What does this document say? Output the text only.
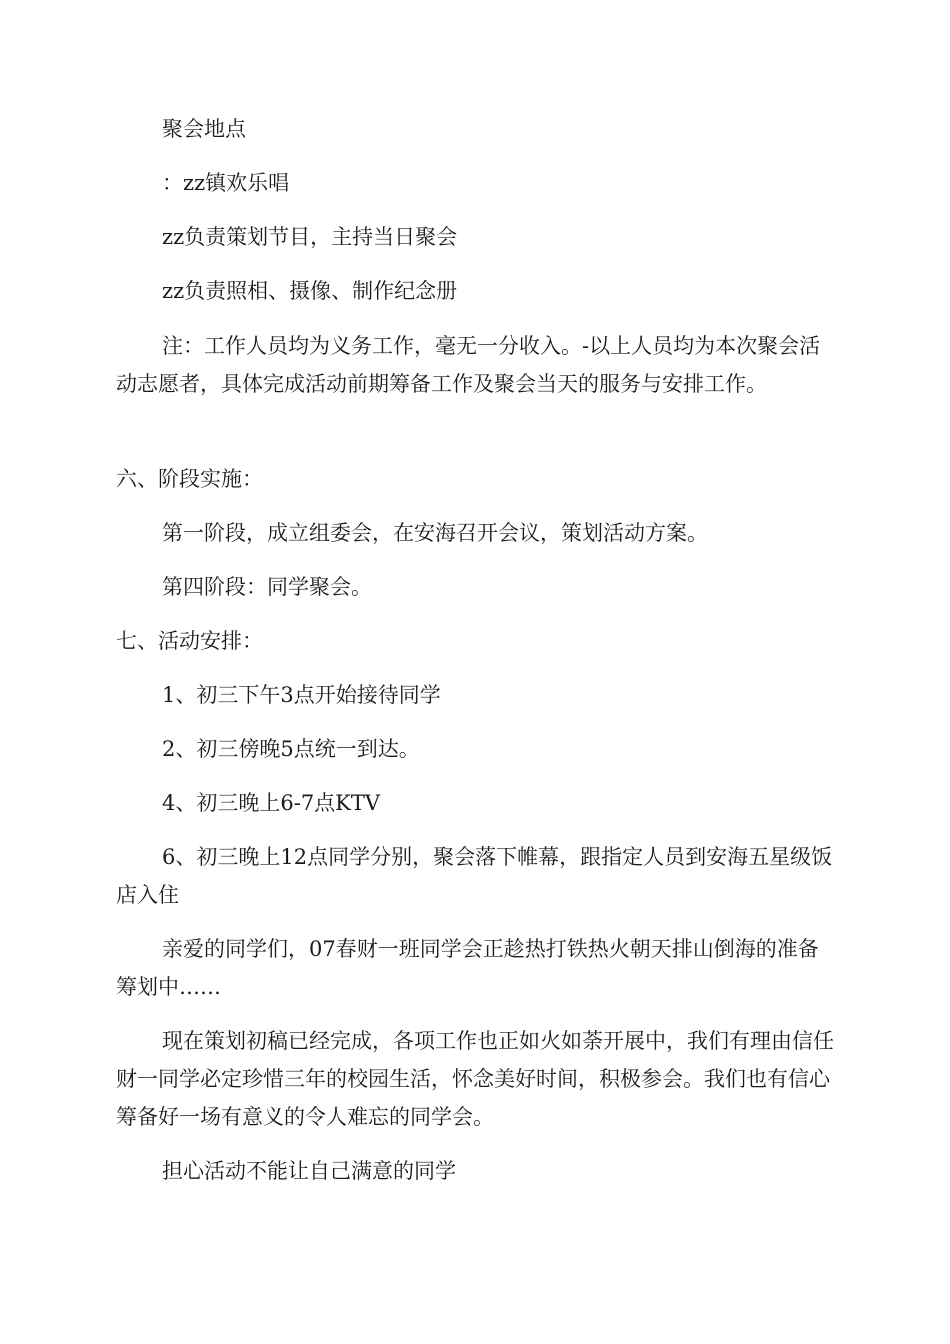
聚会地点

：zz镇欢乐唱

zz负责策划节目，主持当日聚会

zz负责照相、摄像、制作纪念册

注：工作人员均为义务工作，毫无一分收入。-以上人员均为本次聚会活动志愿者，具体完成活动前期筹备工作及聚会当天的服务与安排工作。

六、阶段实施：

第一阶段，成立组委会，在安海召开会议，策划活动方案。

第四阶段：同学聚会。

七、活动安排：

1、初三下午3点开始接待同学

2、初三傍晚5点统一到达。

4、初三晚上6-7点KTV

6、初三晚上12点同学分别，聚会落下帷幕，跟指定人员到安海五星级饭店入住

亲爱的同学们，07春财一班同学会正趁热打铁热火朝天排山倒海的准备筹划中……

现在策划初稿已经完成，各项工作也正如火如荼开展中，我们有理由信任财一同学必定珍惜三年的校园生活，怀念美好时间，积极参会。我们也有信心筹备好一场有意义的令人难忘的同学会。

担心活动不能让自己满意的同学
